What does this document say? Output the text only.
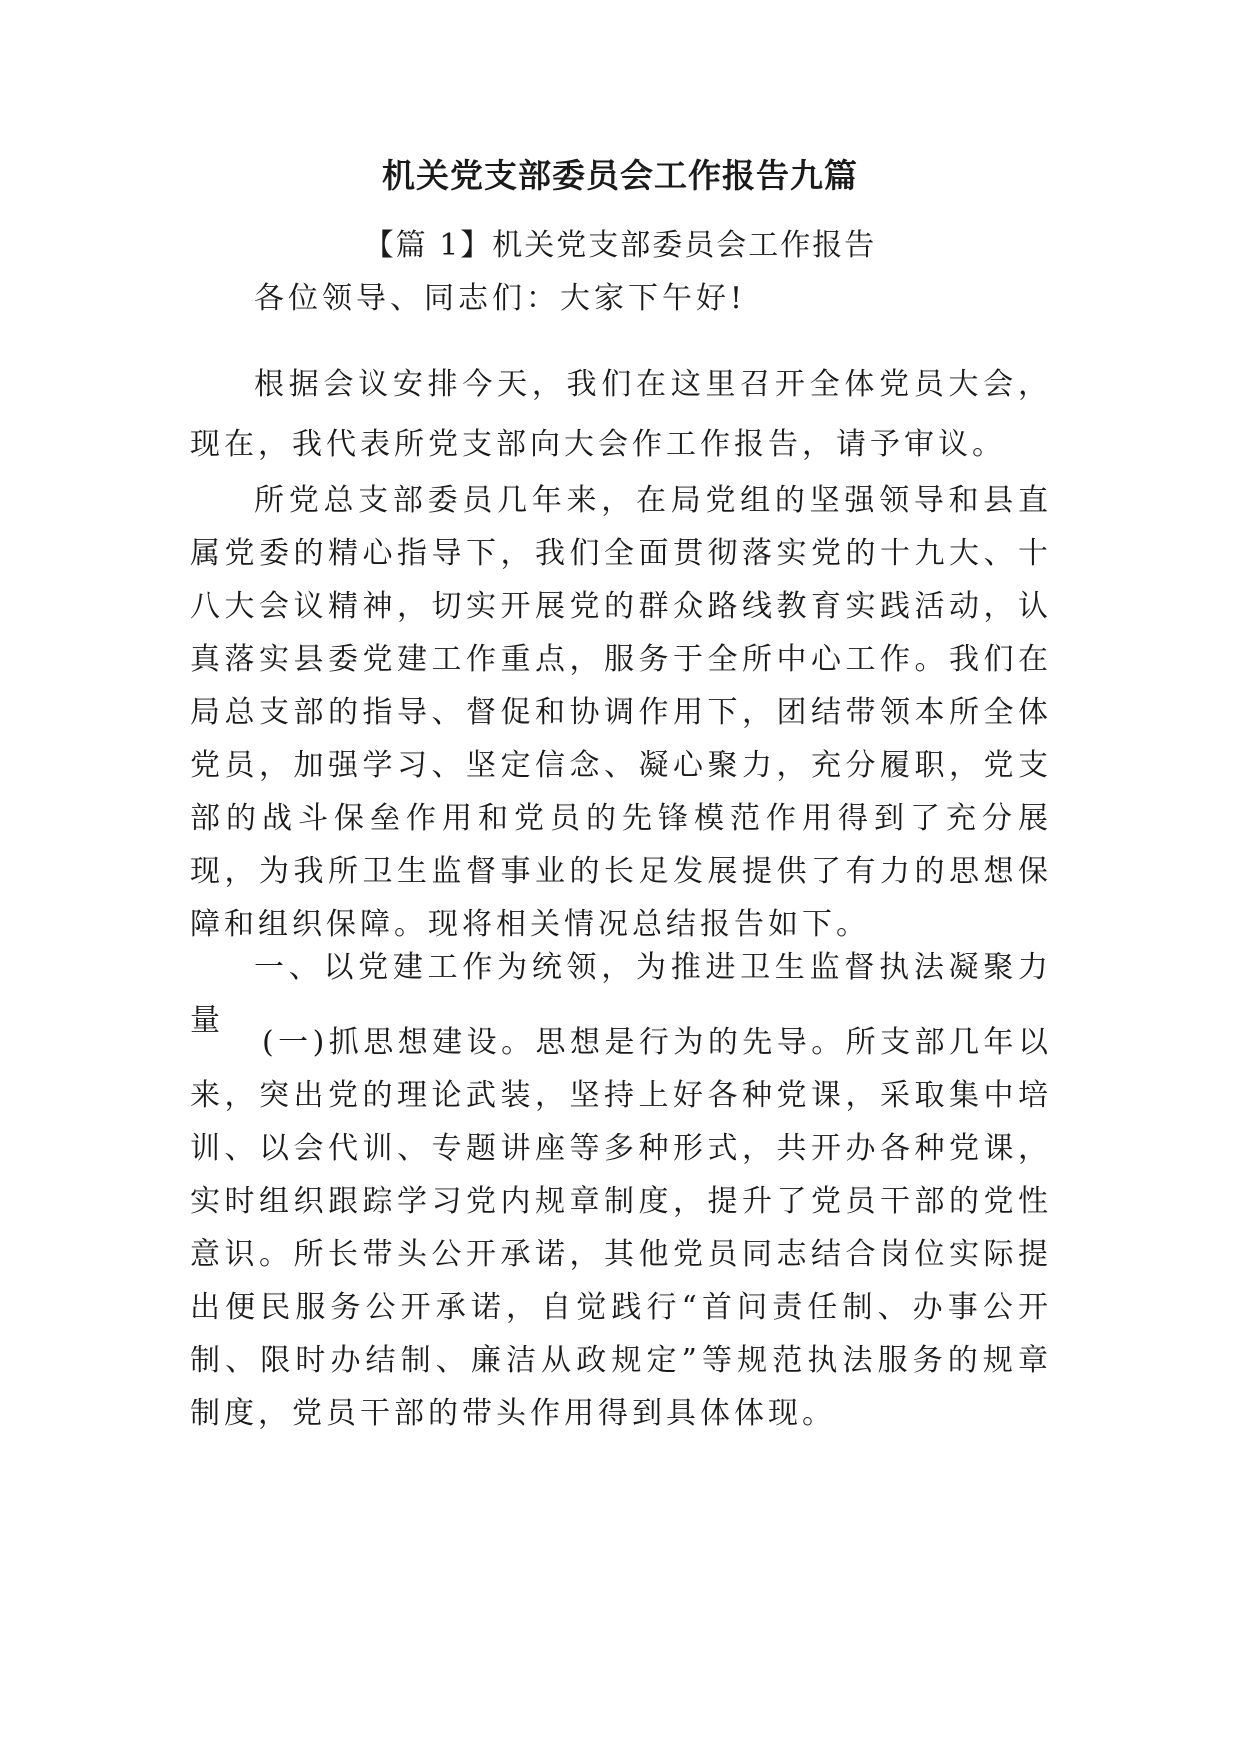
机关党支部委员会工作报告九篇
【篇 1】机关党支部委员会工作报告

各位领导、同志们：大家下午好!

根据会议安排今天，我们在这里召开全体党员大会，现在，我代表所党支部向大会作工作报告，请予审议。

所党总支部委员几年来，在局党组的坚强领导和县直属党委的精心指导下，我们全面贯彻落实党的十九大、十八大会议精神，切实开展党的群众路线教育实践活动，认真落实县委党建工作重点，服务于全所中心工作。我们在局总支部的指导、督促和协调作用下，团结带领本所全体党员，加强学习、坚定信念、凝心聚力，充分履职，党支部的战斗保垒作用和党员的先锋模范作用得到了充分展现，为我所卫生监督事业的长足发展提供了有力的思想保障和组织保障。现将相关情况总结报告如下。

一、以党建工作为统领，为推进卫生监督执法凝聚力量

(一)抓思想建设。思想是行为的先导。所支部几年以来，突出党的理论武装，坚持上好各种党课，采取集中培训、以会代训、专题讲座等多种形式，共开办各种党课，实时组织跟踪学习党内规章制度，提升了党员干部的党性意识。所长带头公开承诺，其他党员同志结合岗位实际提出便民服务公开承诺，自觉践行“首问责任制、办事公开制、限时办结制、廉洁从政规定”等规范执法服务的规章制度，党员干部的带头作用得到具体体现。
